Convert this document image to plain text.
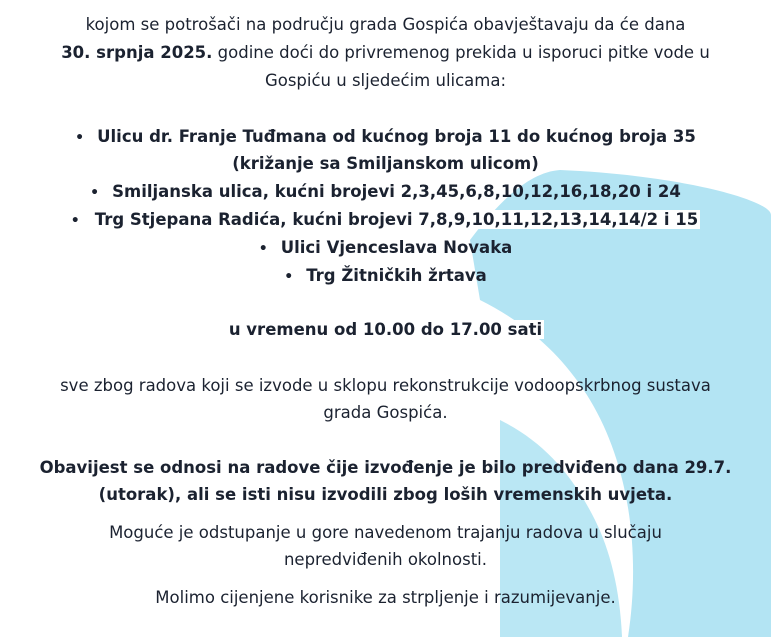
kojom se potrošači na području grada Gospića obavještavaju da će dana
30. srpnja 2025. godine doći do privremenog prekida u isporuci pitke vode u
Gospiću u sljedećim ulicama:
• Ulicu dr. Franje Tuđmana od kućnog broja 11 do kućnog broja 35
(križanje sa Smiljanskom ulicom)
• Smiljanska ulica, kućni brojevi 2,3,45,6,8,10,12,16,18,20 i 24
• Trg Stjepana Radića, kućni brojevi 7,8,9,10,11,12,13,14,14/2 i 15
• Ulici Vjenceslava Novaka
• Trg Žitničkih žrtava
u vremenu od 10.00 do 17.00 sati
sve zbog radova koji se izvode u sklopu rekonstrukcije vodoopskrbnog sustava
grada Gospića.
Obavijest se odnosi na radove čije izvođenje je bilo predviđeno dana 29.7.
(utorak), ali se isti nisu izvodili zbog loših vremenskih uvjeta.
Moguće je odstupanje u gore navedenom trajanju radova u slučaju
nepredviđenih okolnosti.
Molimo cijenjene korisnike za strpljenje i razumijevanje.
